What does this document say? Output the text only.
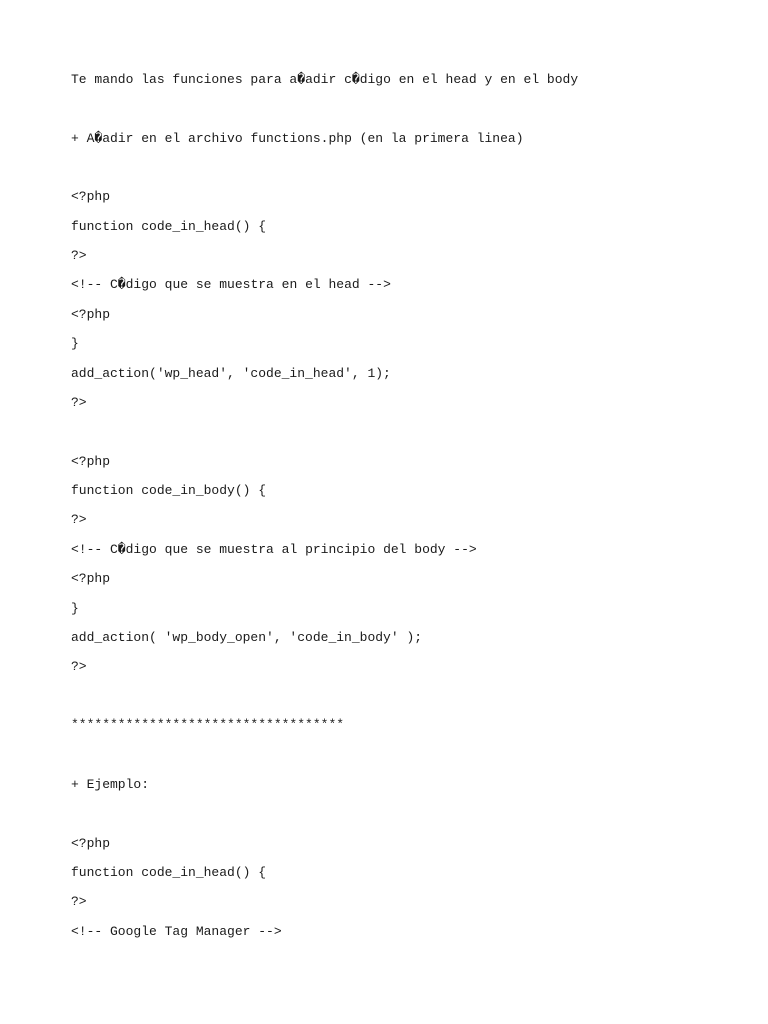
Te mando las funciones para a�adir c�digo en el head y en el body
+ A�adir en el archivo functions.php (en la primera linea)
<?php
function code_in_head() {
?>
<!-- C�digo que se muestra en el head -->
<?php
}
add_action('wp_head', 'code_in_head', 1);
?>
<?php
function code_in_body() {
?>
<!-- C�digo que se muestra al principio del body -->
<?php
}
add_action( 'wp_body_open', 'code_in_body' );
?>
***********************************
+ Ejemplo:
<?php
function code_in_head() {
?>
<!-- Google Tag Manager -->
